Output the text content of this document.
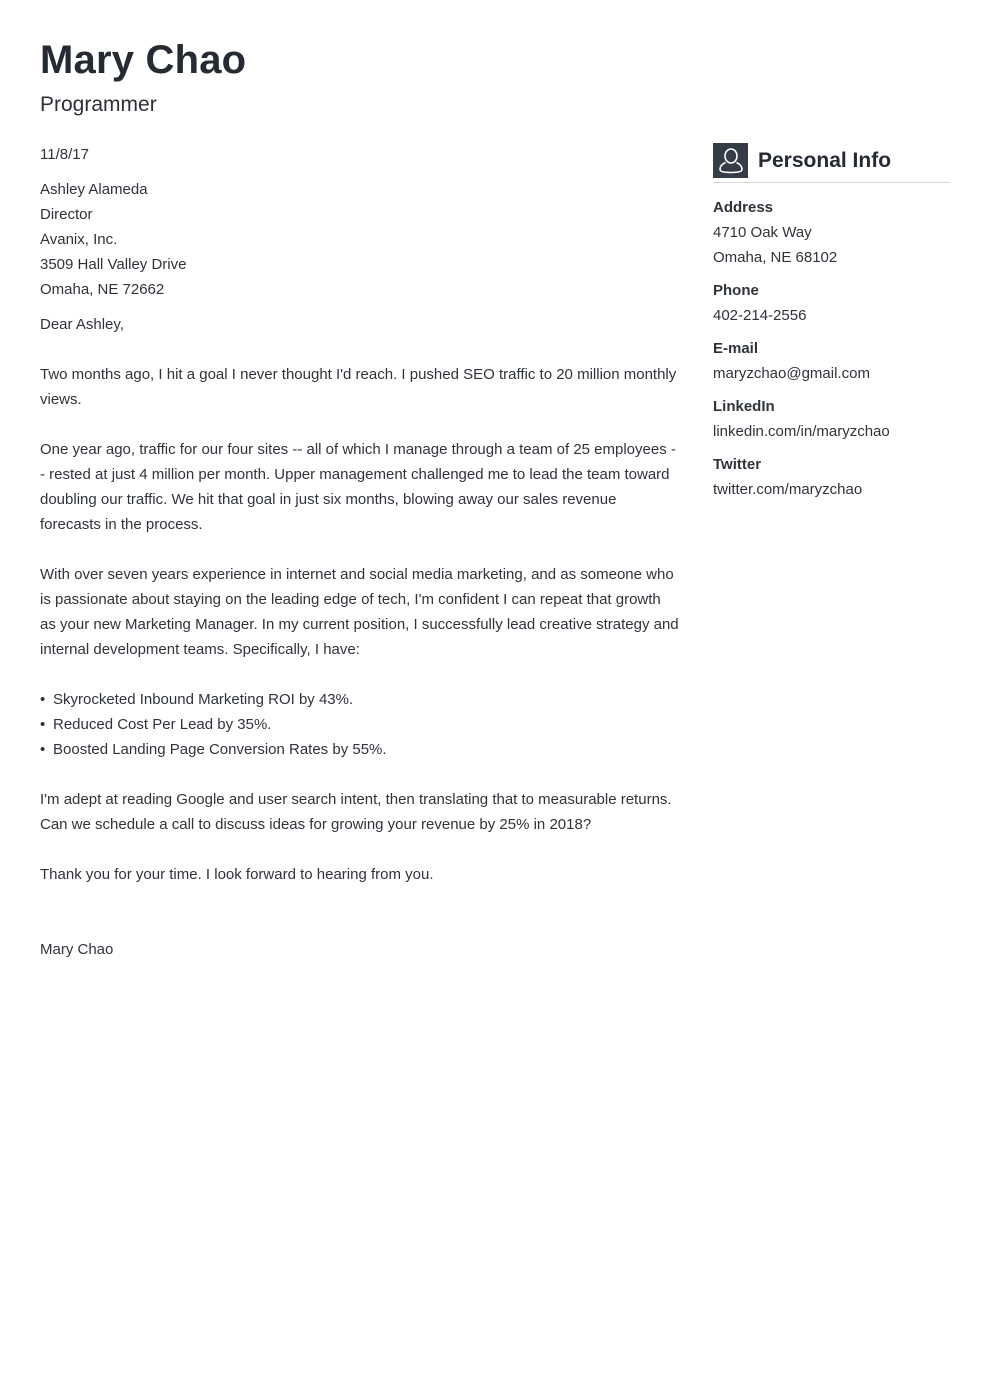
Mary Chao
Programmer

11/8/17

Ashley Alameda
Director
Avanix, Inc.
3509 Hall Valley Drive
Omaha, NE 72662

Dear Ashley,

Two months ago, I hit a goal I never thought I'd reach. I pushed SEO traffic to 20 million monthly views.

One year ago, traffic for our four sites -- all of which I manage through a team of 25 employees -- rested at just 4 million per month. Upper management challenged me to lead the team toward doubling our traffic. We hit that goal in just six months, blowing away our sales revenue forecasts in the process.

With over seven years experience in internet and social media marketing, and as someone who is passionate about staying on the leading edge of tech, I'm confident I can repeat that growth as your new Marketing Manager. In my current position, I successfully lead creative strategy and internal development teams. Specifically, I have:

• Skyrocketed Inbound Marketing ROI by 43%.
• Reduced Cost Per Lead by 35%.
• Boosted Landing Page Conversion Rates by 55%.

I'm adept at reading Google and user search intent, then translating that to measurable returns. Can we schedule a call to discuss ideas for growing your revenue by 25% in 2018?

Thank you for your time. I look forward to hearing from you.

Mary Chao

Personal Info
Address
4710 Oak Way
Omaha, NE 68102
Phone
402-214-2556
E-mail
maryzchao@gmail.com
LinkedIn
linkedin.com/in/maryzchao
Twitter
twitter.com/maryzchao
